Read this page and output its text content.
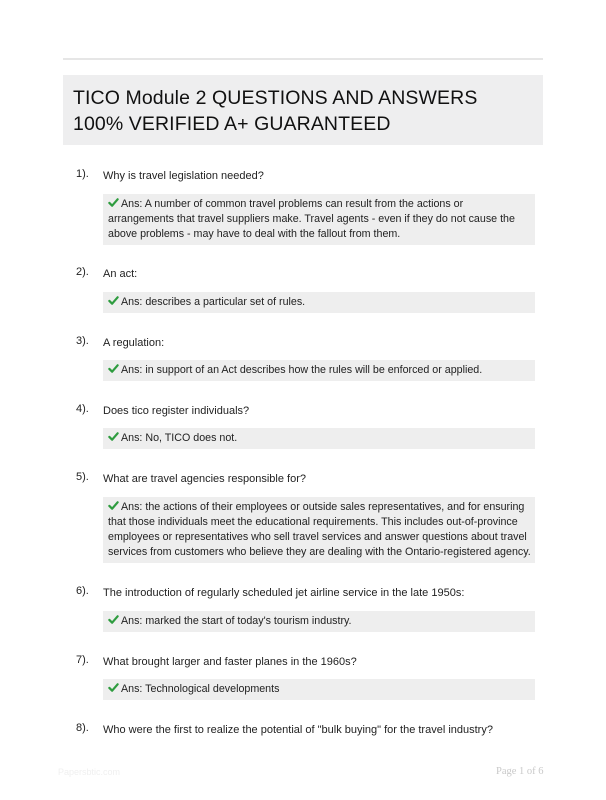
TICO Module 2 QUESTIONS AND ANSWERS
100% VERIFIED A+ GUARANTEED
1). Why is travel legislation needed?
Ans: A number of common travel problems can result from the actions or arrangements that travel suppliers make. Travel agents - even if they do not cause the above problems - may have to deal with the fallout from them.
2). An act:
Ans: describes a particular set of rules.
3). A regulation:
Ans: in support of an Act describes how the rules will be enforced or applied.
4). Does tico register individuals?
Ans: No, TICO does not.
5). What are travel agencies responsible for?
Ans: the actions of their employees or outside sales representatives, and for ensuring that those individuals meet the educational requirements. This includes out-of-province employees or representatives who sell travel services and answer questions about travel services from customers who believe they are dealing with the Ontario-registered agency.
6). The introduction of regularly scheduled jet airline service in the late 1950s:
Ans: marked the start of today's tourism industry.
7). What brought larger and faster planes in the 1960s?
Ans: Technological developments
8). Who were the first to realize the potential of "bulk buying" for the travel industry?
Papersbtic.com	Page 1 of 6
